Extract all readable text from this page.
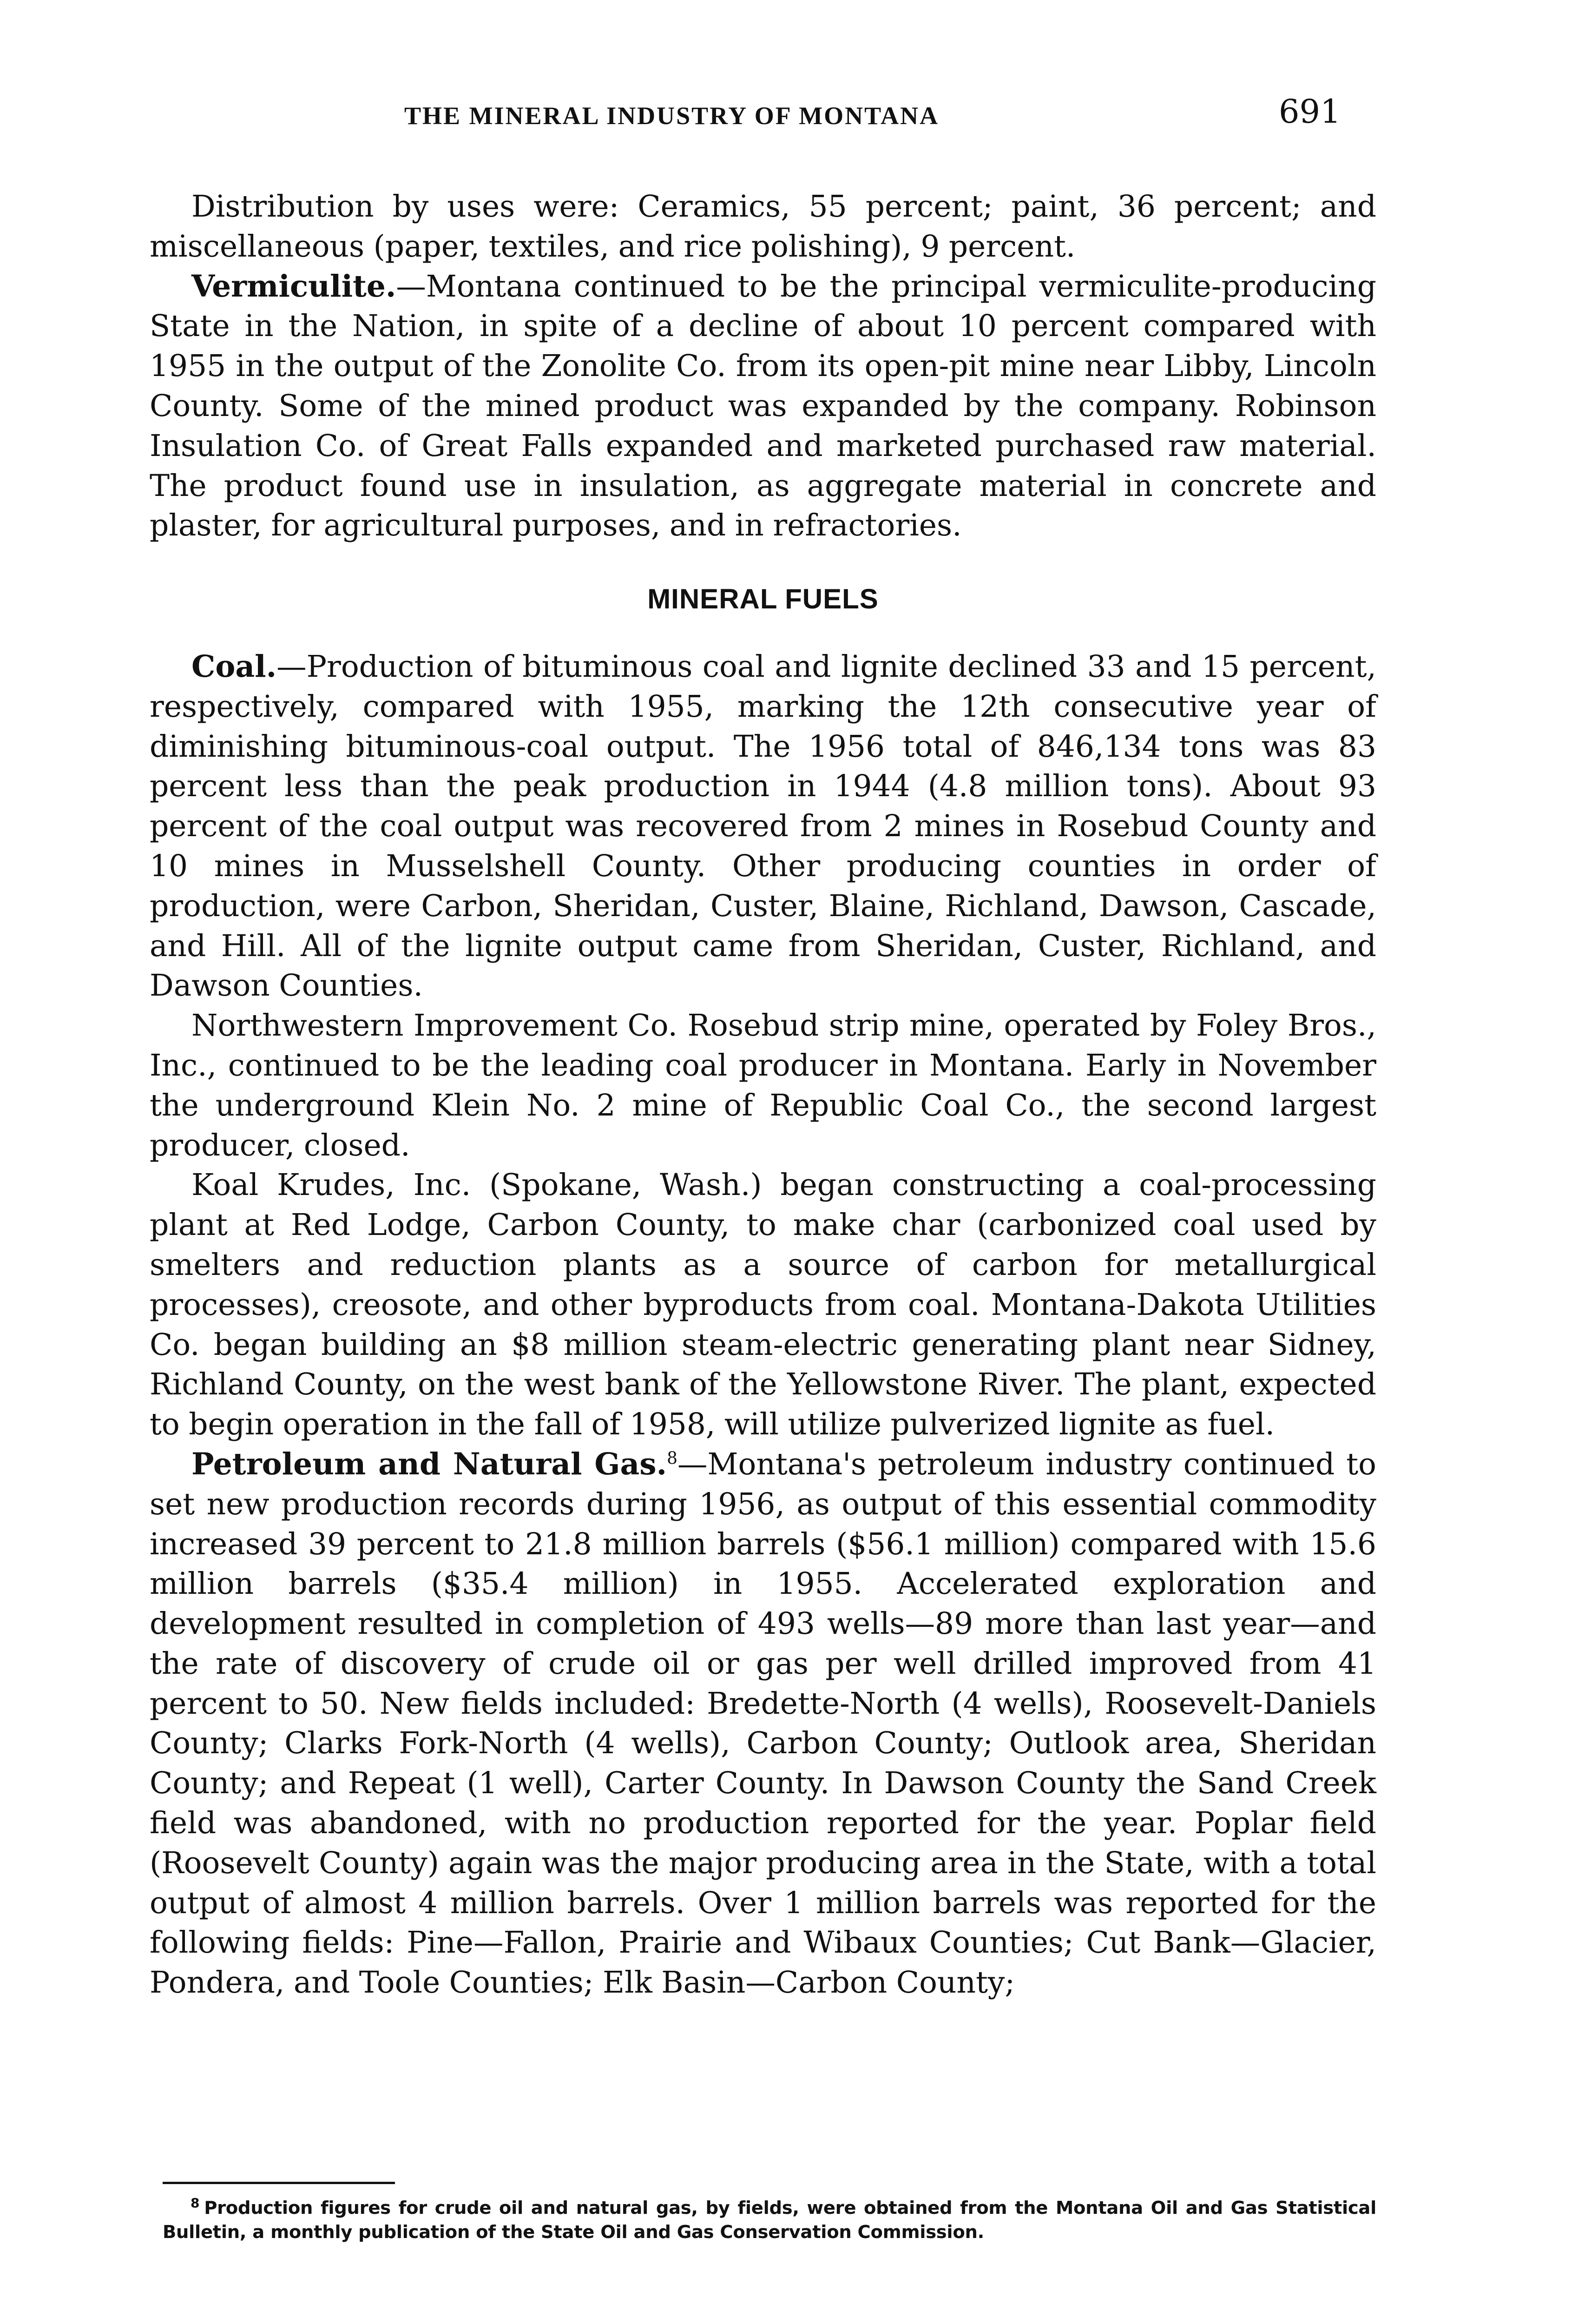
THE MINERAL INDUSTRY OF MONTANA	691

Distribution by uses were: Ceramics, 55 percent; paint, 36 percent; and miscellaneous (paper, textiles, and rice polishing), 9 percent.

Vermiculite.—Montana continued to be the principal vermiculite-producing State in the Nation, in spite of a decline of about 10 percent compared with 1955 in the output of the Zonolite Co. from its open-pit mine near Libby, Lincoln County. Some of the mined product was expanded by the company. Robinson Insulation Co. of Great Falls expanded and marketed purchased raw material. The product found use in insulation, as aggregate material in concrete and plaster, for agricultural purposes, and in refractories.

MINERAL FUELS

Coal.—Production of bituminous coal and lignite declined 33 and 15 percent, respectively, compared with 1955, marking the 12th consecutive year of diminishing bituminous-coal output. The 1956 total of 846,134 tons was 83 percent less than the peak production in 1944 (4.8 million tons). About 93 percent of the coal output was recovered from 2 mines in Rosebud County and 10 mines in Musselshell County. Other producing counties in order of production, were Carbon, Sheridan, Custer, Blaine, Richland, Dawson, Cascade, and Hill. All of the lignite output came from Sheridan, Custer, Richland, and Dawson Counties.

Northwestern Improvement Co. Rosebud strip mine, operated by Foley Bros., Inc., continued to be the leading coal producer in Montana. Early in November the underground Klein No. 2 mine of Republic Coal Co., the second largest producer, closed.

Koal Krudes, Inc. (Spokane, Wash.) began constructing a coal-processing plant at Red Lodge, Carbon County, to make char (carbonized coal used by smelters and reduction plants as a source of carbon for metallurgical processes), creosote, and other byproducts from coal. Montana-Dakota Utilities Co. began building an $8 million steam-electric generating plant near Sidney, Richland County, on the west bank of the Yellowstone River. The plant, expected to begin operation in the fall of 1958, will utilize pulverized lignite as fuel.

Petroleum and Natural Gas.$^8$—Montana's petroleum industry continued to set new production records during 1956, as output of this essential commodity increased 39 percent to 21.8 million barrels ($56.1 million) compared with 15.6 million barrels ($35.4 million) in 1955. Accelerated exploration and development resulted in completion of 493 wells—89 more than last year—and the rate of discovery of crude oil or gas per well drilled improved from 41 percent to 50. New fields included: Bredette-North (4 wells), Roosevelt-Daniels County; Clarks Fork-North (4 wells), Carbon County; Outlook area, Sheridan County; and Repeat (1 well), Carter County. In Dawson County the Sand Creek field was abandoned, with no production reported for the year. Poplar field (Roosevelt County) again was the major producing area in the State, with a total output of almost 4 million barrels. Over 1 million barrels was reported for the following fields: Pine—Fallon, Prairie and Wibaux Counties; Cut Bank—Glacier, Pondera, and Toole Counties; Elk Basin—Carbon County;

$^8$ Production figures for crude oil and natural gas, by fields, were obtained from the Montana Oil and Gas Statistical Bulletin, a monthly publication of the State Oil and Gas Conservation Commission.
